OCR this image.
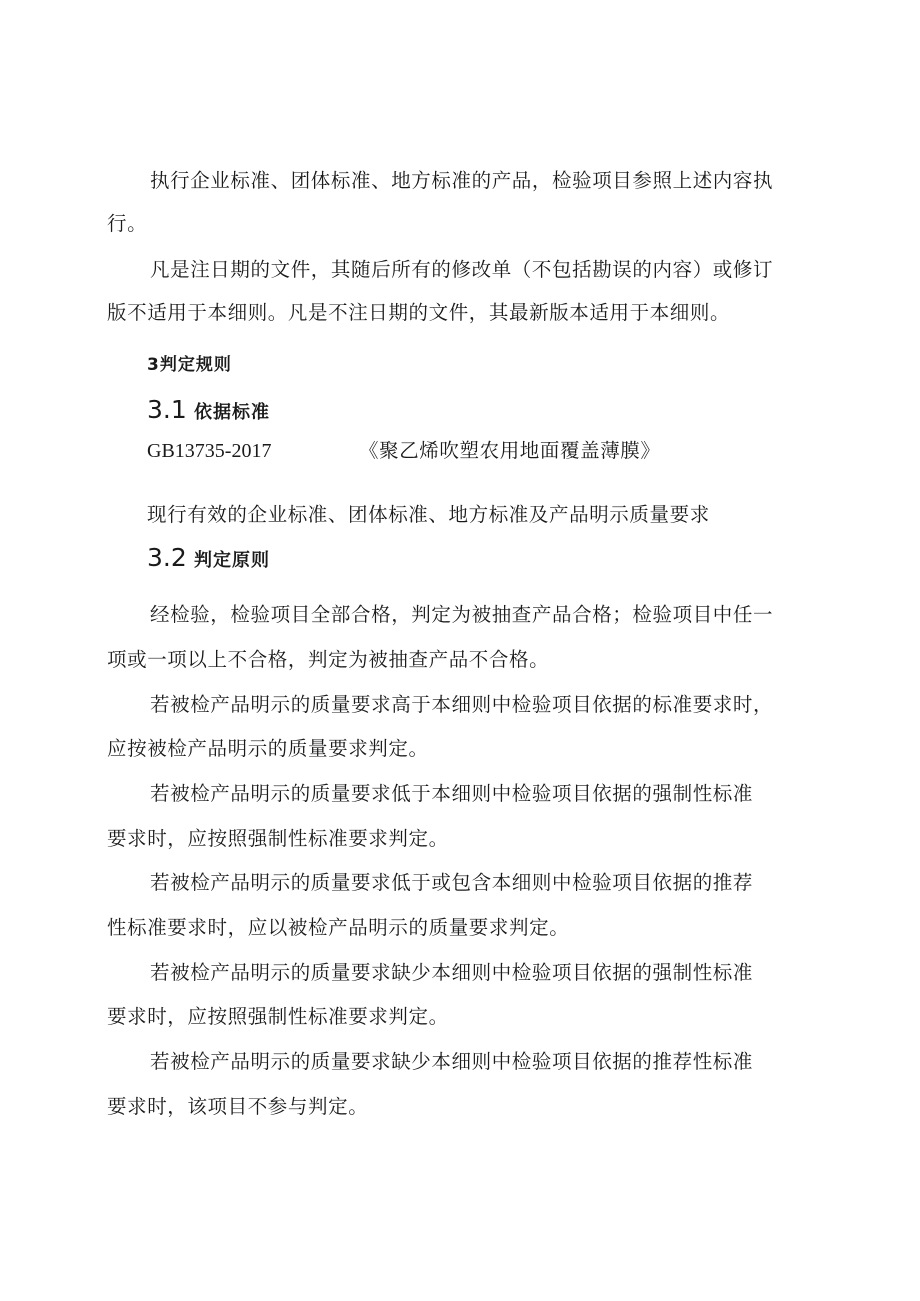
执行企业标准、团体标准、地方标准的产品，检验项目参照上述内容执
行。
凡是注日期的文件，其随后所有的修改单（不包括勘误的内容）或修订
版不适用于本细则。凡是不注日期的文件，其最新版本适用于本细则。
3判定规则
3.1 依据标准
GB13735-2017	《聚乙烯吹塑农用地面覆盖薄膜》
现行有效的企业标准、团体标准、地方标准及产品明示质量要求
3.2 判定原则
经检验，检验项目全部合格，判定为被抽查产品合格；检验项目中任一
项或一项以上不合格，判定为被抽查产品不合格。
若被检产品明示的质量要求高于本细则中检验项目依据的标准要求时，
应按被检产品明示的质量要求判定。
若被检产品明示的质量要求低于本细则中检验项目依据的强制性标准
要求时，应按照强制性标准要求判定。
若被检产品明示的质量要求低于或包含本细则中检验项目依据的推荐
性标准要求时，应以被检产品明示的质量要求判定。
若被检产品明示的质量要求缺少本细则中检验项目依据的强制性标准
要求时，应按照强制性标准要求判定。
若被检产品明示的质量要求缺少本细则中检验项目依据的推荐性标准
要求时，该项目不参与判定。
